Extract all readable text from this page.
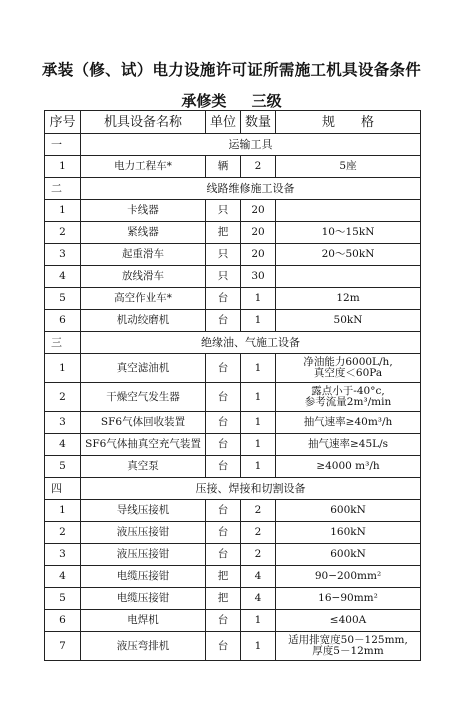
承装（修、试）电力设施许可证所需施工机具设备条件
承修类 三级
序号	机具设备名称	单位	数量	规　　格
一	运输工具			
1	电力工程车*	辆	2	5座

二	线路维修施工设备			
1	卡线器	只	20	

2	紧线器	把	20	10～15kN

3	起重滑车	只	20	20～50kN

4	放线滑车	只	30	

5	高空作业车*	台	1	12m

6	机动绞磨机	台	1	50kN

三	绝缘油、气施工设备			
1	真空滤油机	台	1	净油能力6000L/h,
真空度＜60Pa

2	干燥空气发生器	台	1	露点小于-40°c,
参考流量2m³/min

3	SF6气体回收装置	台	1	抽气速率≥40m³/h

4	SF6气体抽真空充气装置	台	1	抽气速率≥45L/s

5	真空泵	台	1	≥4000 m³/h

四	压接、焊接和切割设备			
1	导线压接机	台	2	600kN

2	液压压接钳	台	2	160kN

3	液压压接钳	台	2	600kN

4	电缆压接钳	把	4	90−200mm²

5	电缆压接钳	把	4	16−90mm²

6	电焊机	台	1	≤400A

7	液压弯排机	台	1	适用排宽度50－125mm,
厚度5－12mm
